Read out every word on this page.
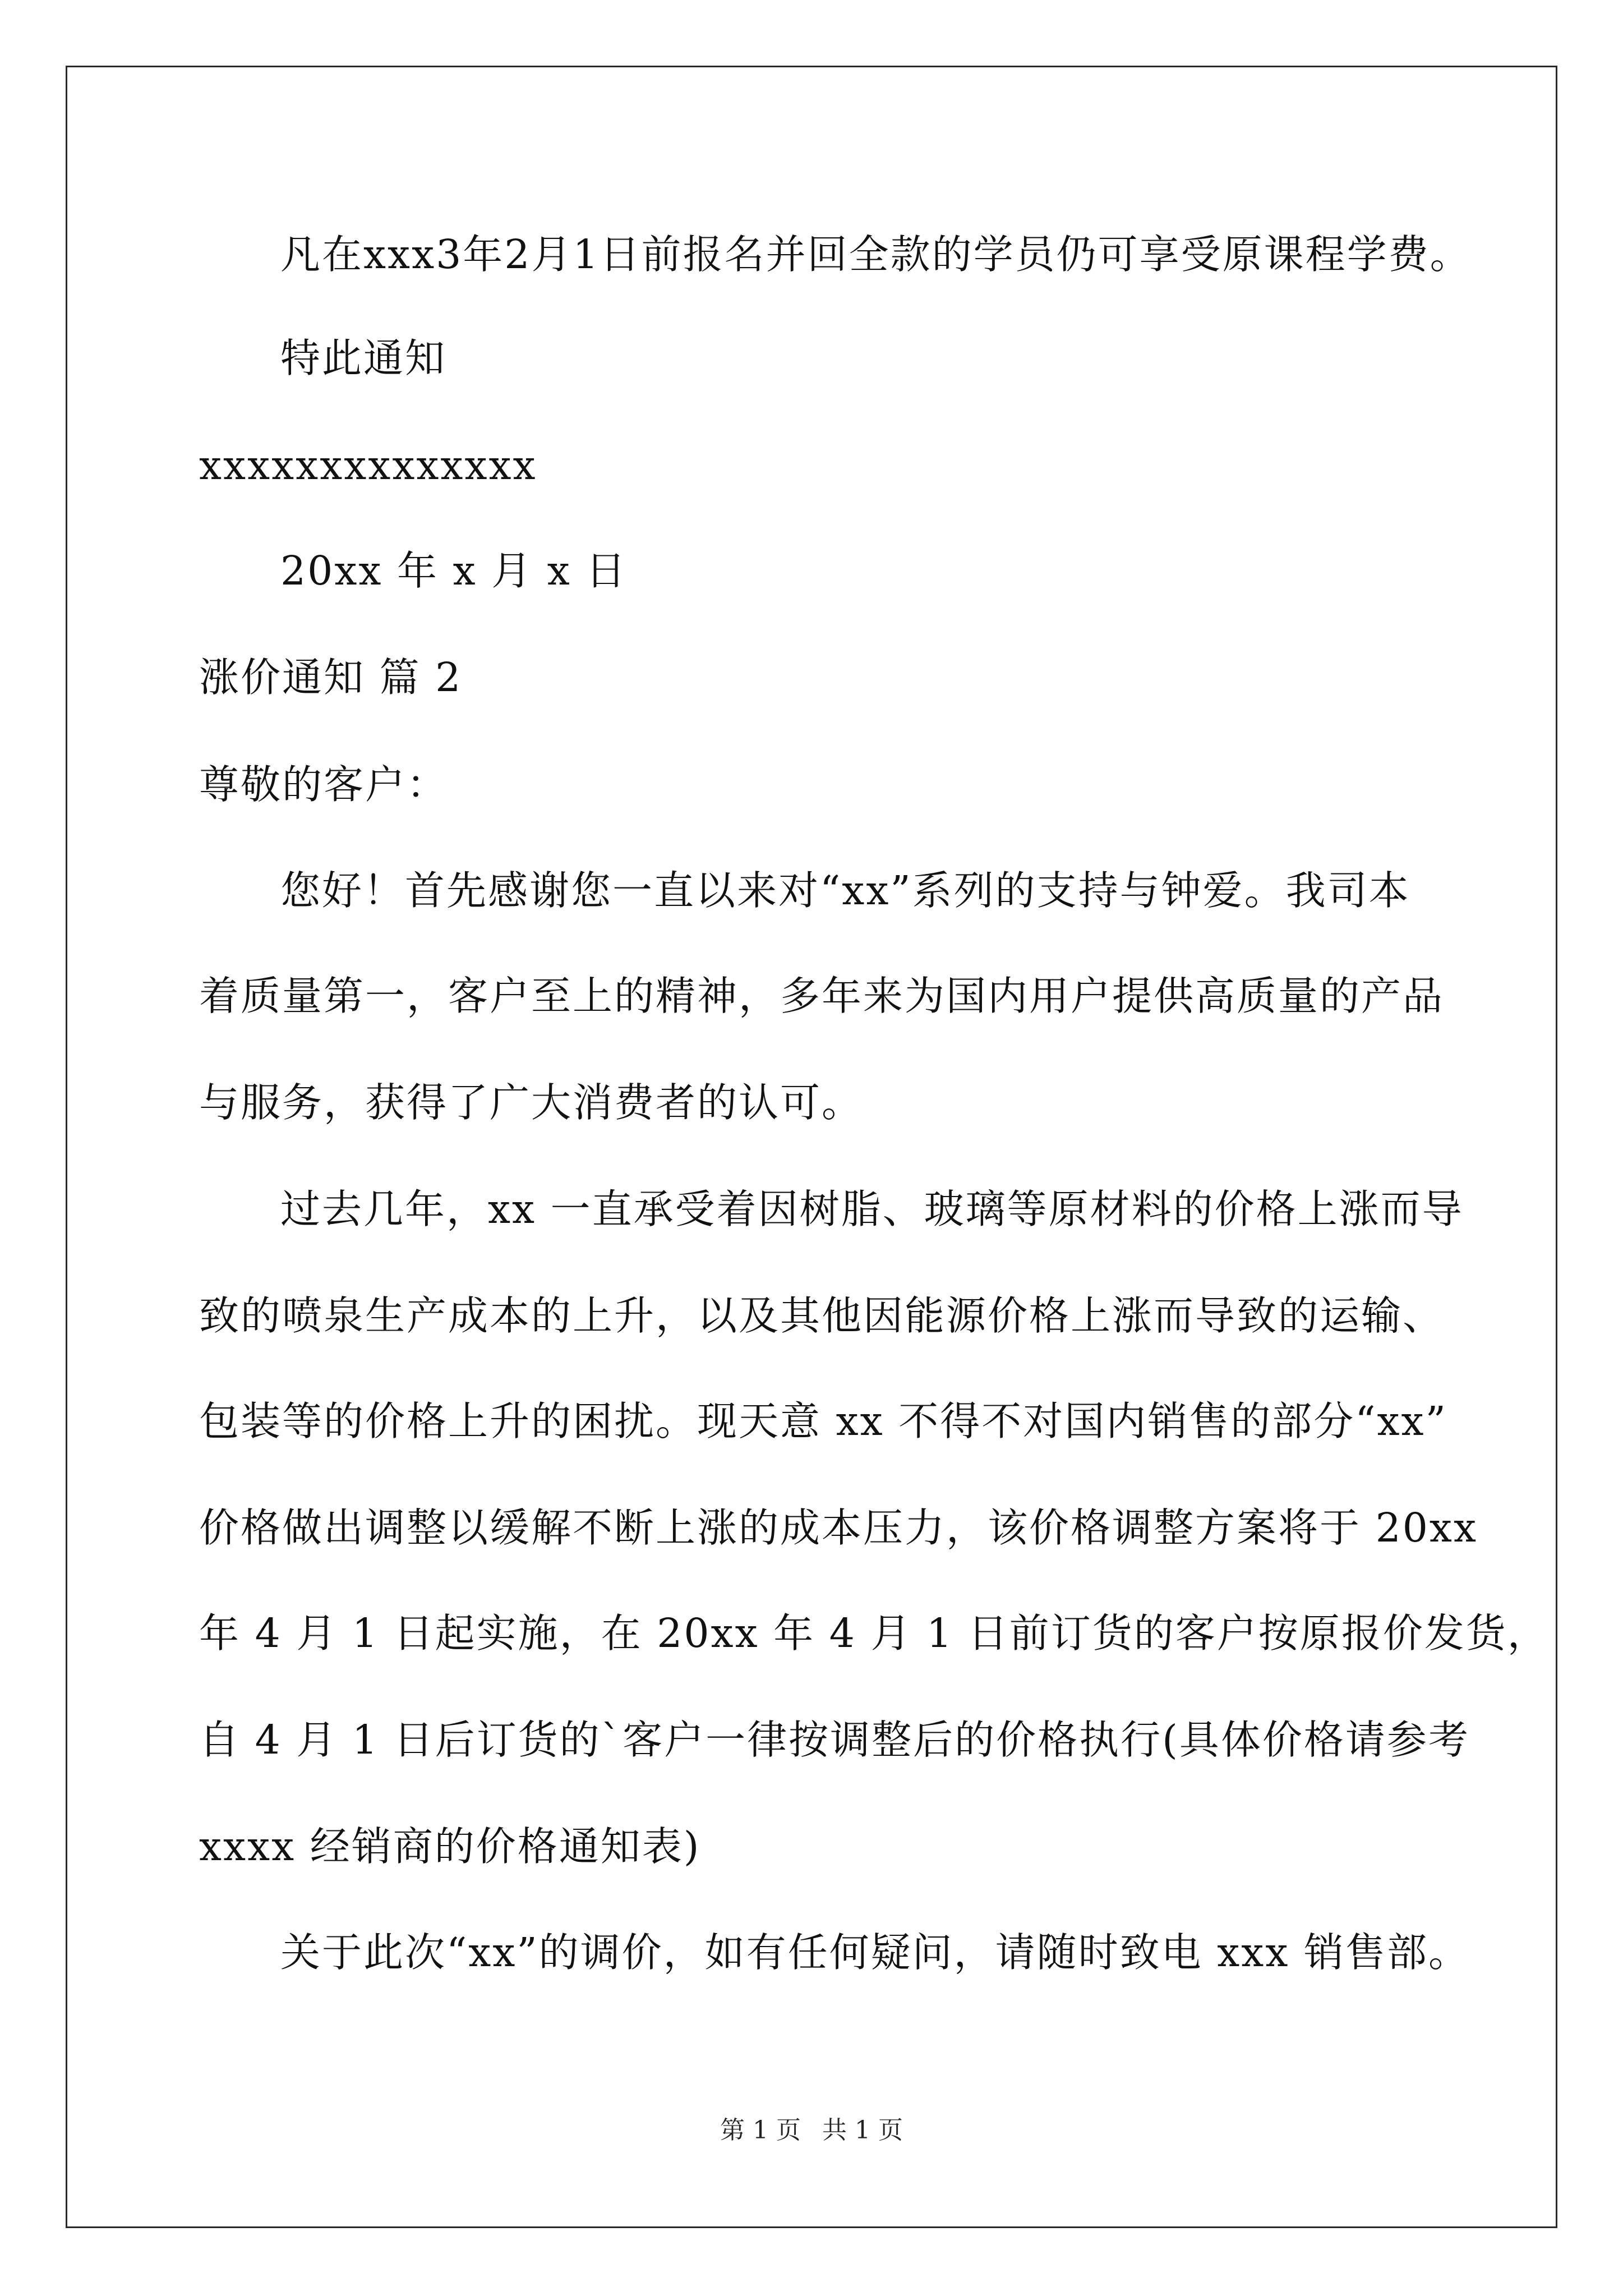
凡在xxx3年2月1日前报名并回全款的学员仍可享受原课程学费。
特此通知
xxxxxxxxxxxxxx
20xx 年 x 月 x 日
涨价通知 篇 2
尊敬的客户：
您好！首先感谢您一直以来对“xx”系列的支持与钟爱。我司本
着质量第一，客户至上的精神，多年来为国内用户提供高质量的产品
与服务，获得了广大消费者的认可。
过去几年，xx 一直承受着因树脂、玻璃等原材料的价格上涨而导
致的喷泉生产成本的上升，以及其他因能源价格上涨而导致的运输、
包装等的价格上升的困扰。现天意 xx 不得不对国内销售的部分“xx”
价格做出调整以缓解不断上涨的成本压力，该价格调整方案将于 20xx
年 4 月 1 日起实施，在 20xx 年 4 月 1 日前订货的客户按原报价发货，
自 4 月 1 日后订货的`客户一律按调整后的价格执行(具体价格请参考
xxxx 经销商的价格通知表)
关于此次“xx”的调价，如有任何疑问，请随时致电 xxx 销售部。
第 1 页 共 1 页
